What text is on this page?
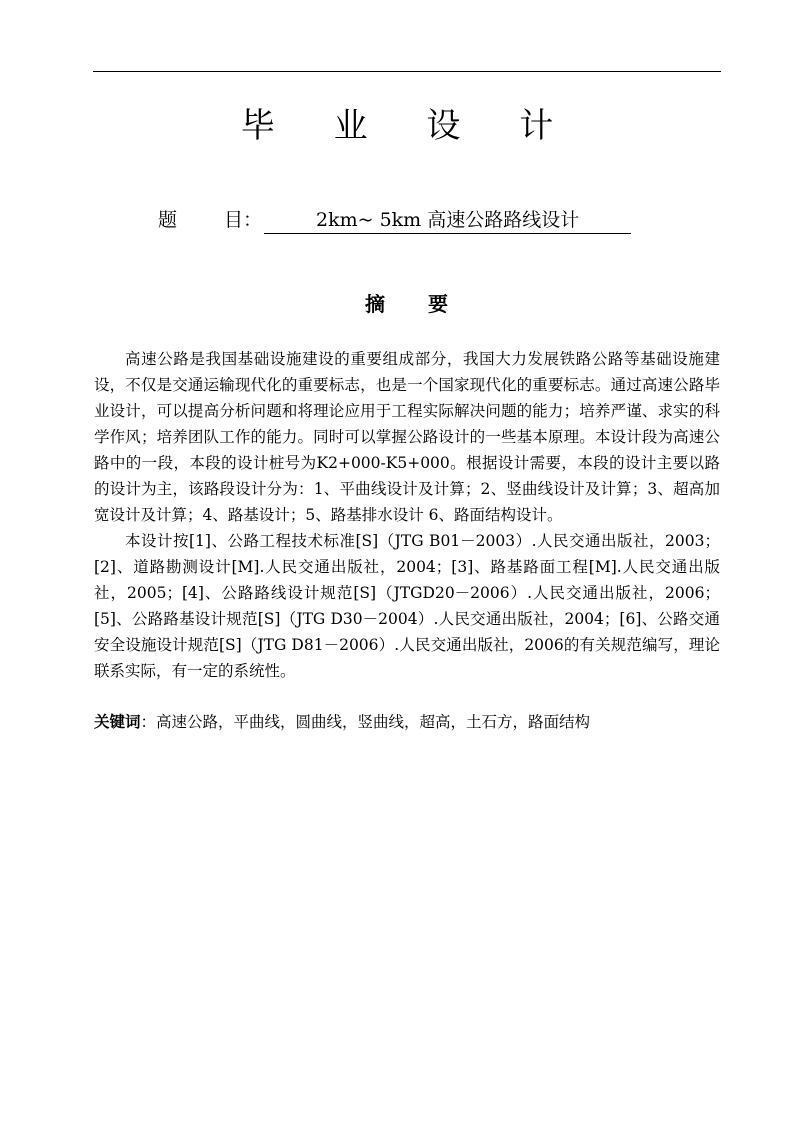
毕 业 设 计
题 目：	2km~ 5km 高速公路路线设计
摘 要

高速公路是我国基础设施建设的重要组成部分，我国大力发展铁路公路等基础设施建设，不仅是交通运输现代化的重要标志，也是一个国家现代化的重要标志。通过高速公路毕业设计，可以提高分析问题和将理论应用于工程实际解决问题的能力；培养严谨、求实的科学作风；培养团队工作的能力。同时可以掌握公路设计的一些基本原理。本设计段为高速公路中的一段，本段的设计桩号为K2+000-K5+000。根据设计需要，本段的设计主要以路的设计为主，该路段设计分为：1、平曲线设计及计算；2、竖曲线设计及计算；3、超高加宽设计及计算；4、路基设计；5、路基排水设计 6、路面结构设计。

本设计按[1]、公路工程技术标准[S]（JTG B01－2003）.人民交通出版社，2003；[2]、道路勘测设计[M].人民交通出版社，2004；[3]、路基路面工程[M].人民交通出版社，2005；[4]、公路路线设计规范[S]（JTGD20－2006）.人民交通出版社，2006；[5]、公路路基设计规范[S]（JTG D30－2004）.人民交通出版社，2004；[6]、公路交通安全设施设计规范[S]（JTG D81－2006）.人民交通出版社，2006的有关规范编写，理论联系实际，有一定的系统性。

关键词：高速公路，平曲线，圆曲线，竖曲线，超高，土石方，路面结构
